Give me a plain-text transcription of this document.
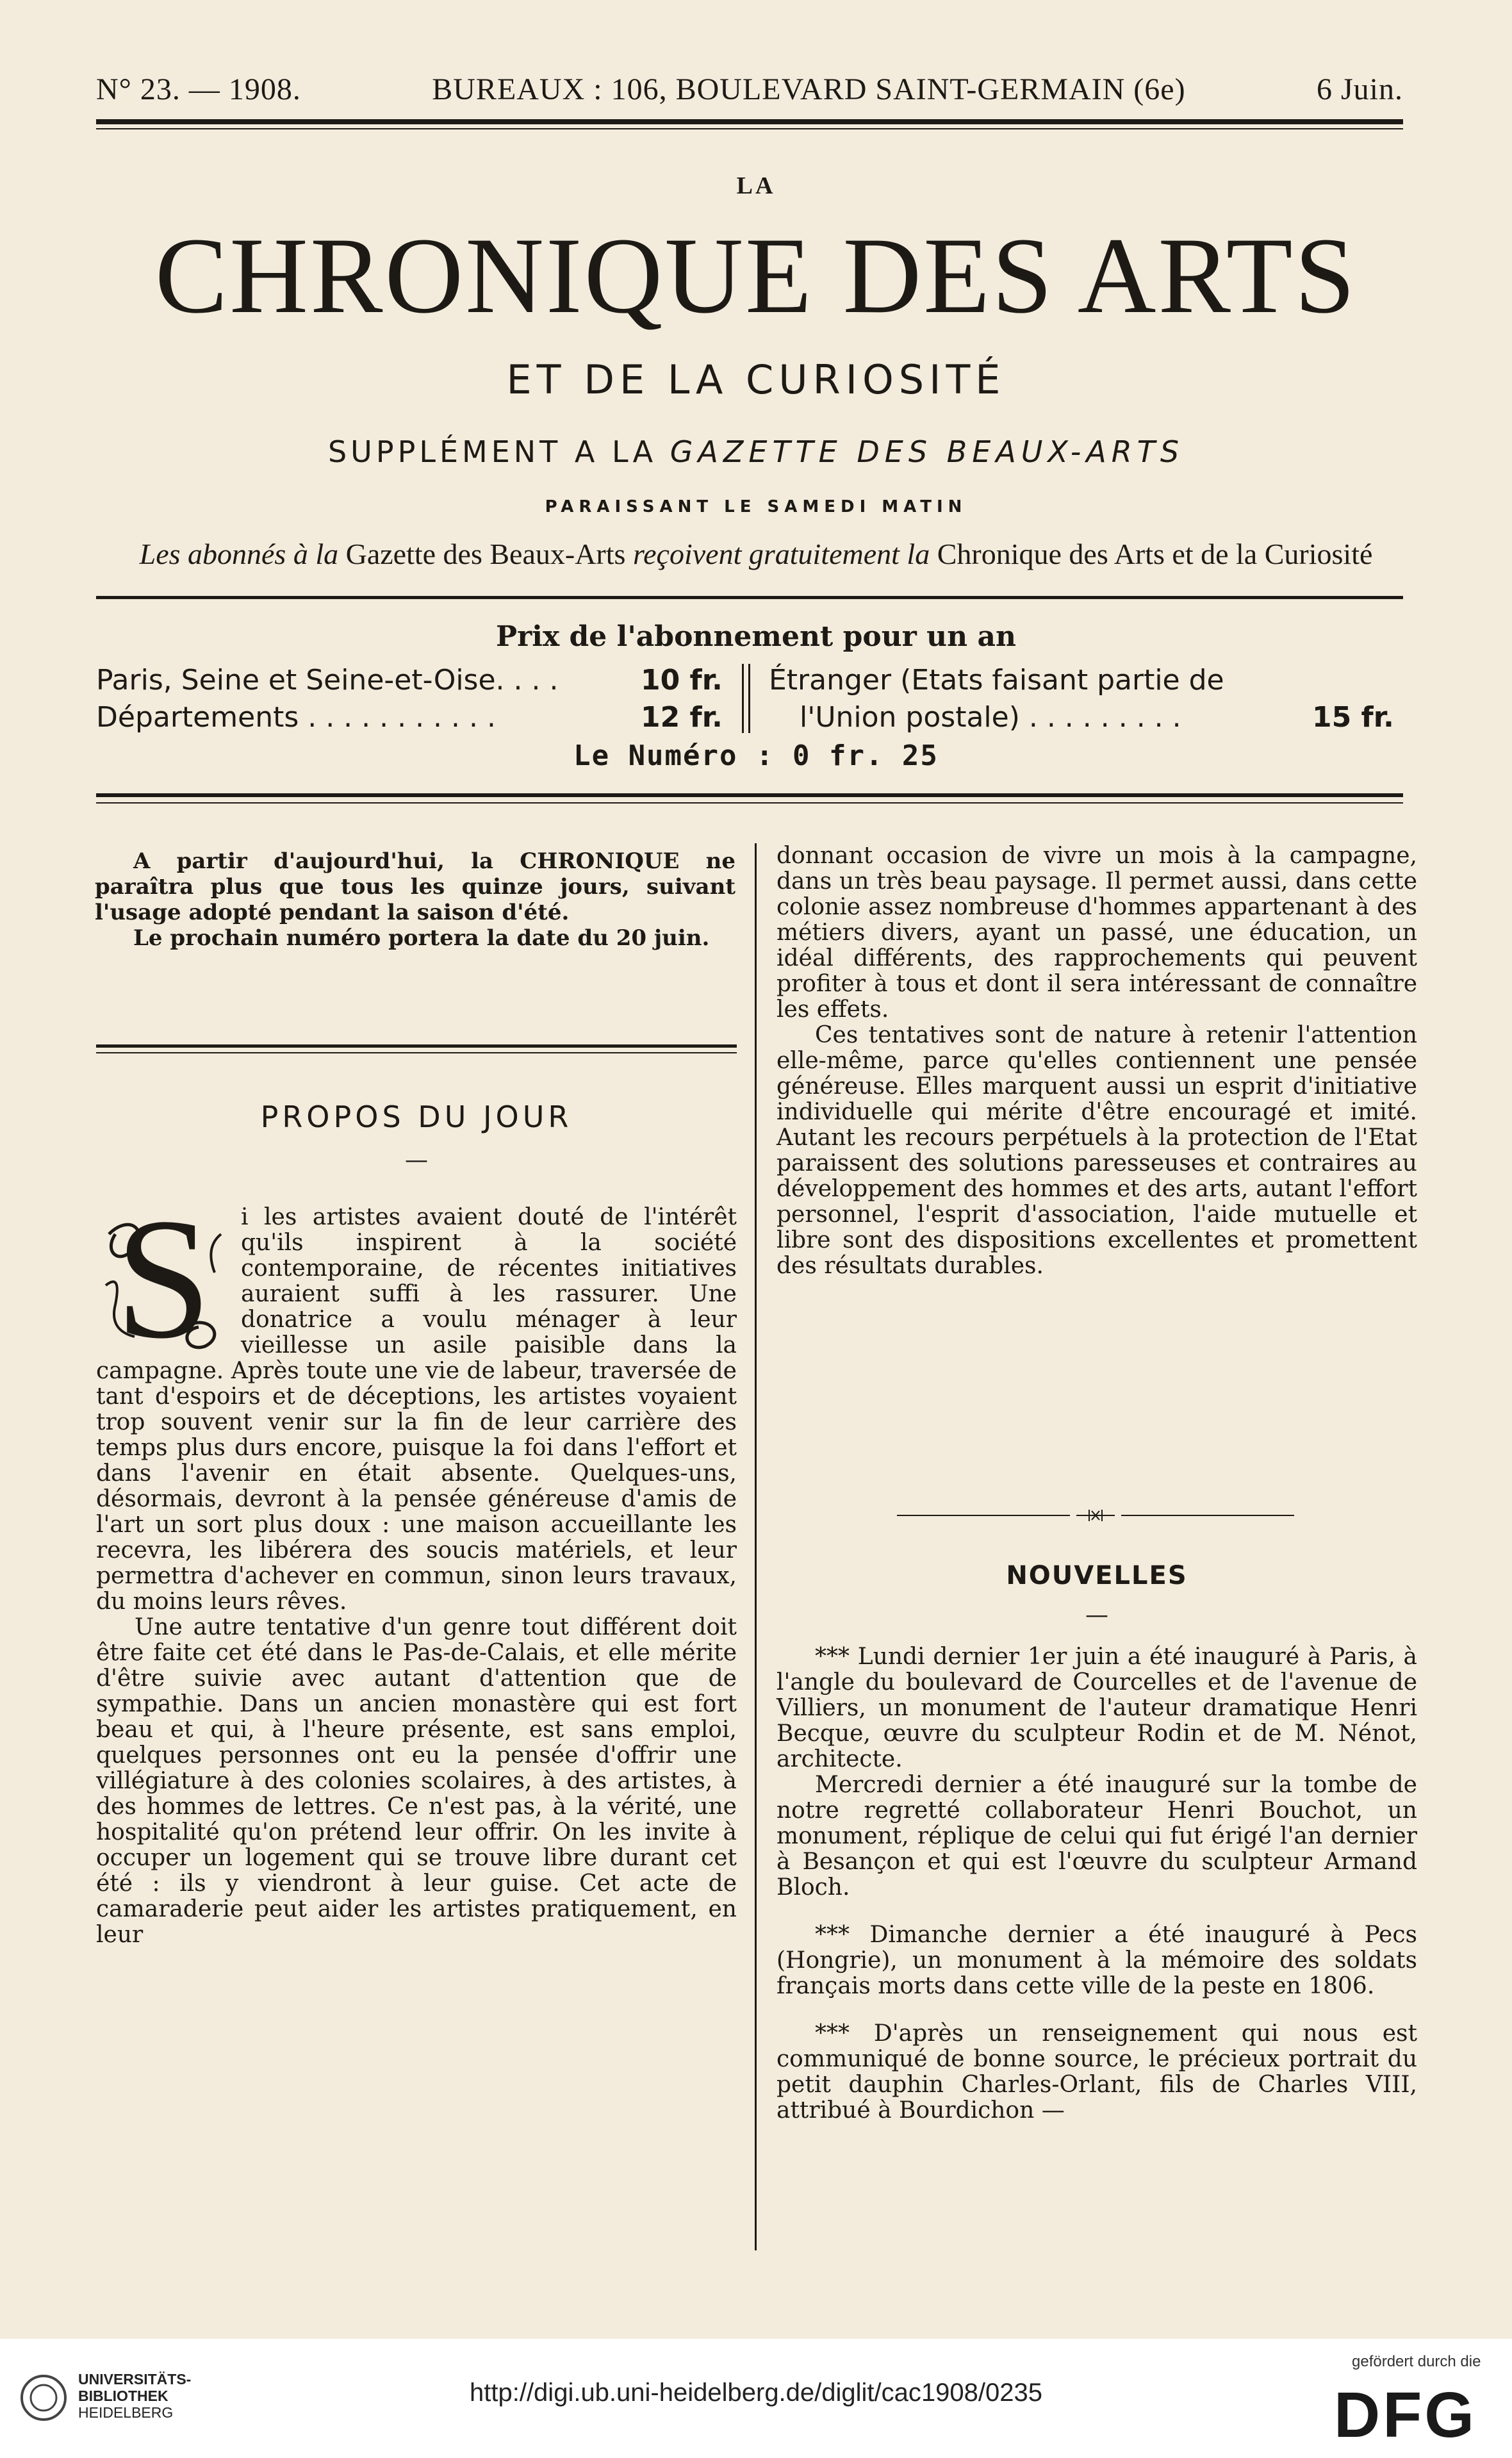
N° 23. — 1908.	BUREAUX : 106, BOULEVARD SAINT-GERMAIN (6e)	6 Juin.
LA
CHRONIQUE DES ARTS
ET DE LA CURIOSITÉ
SUPPLÉMENT A LA GAZETTE DES BEAUX-ARTS
PARAISSANT LE SAMEDI MATIN
Les abonnés à la Gazette des Beaux-Arts reçoivent gratuitement la Chronique des Arts et de la Curiosité
Prix de l'abonnement pour un an
Paris, Seine et Seine-et-Oise. . . .	10 fr.
Départements . . . . . . . . . . .	12 fr.
Étranger (Etats faisant partie de
l'Union postale) . . . . . . . . .	15 fr.
Le Numéro : 0 fr. 25

A partir d'aujourd'hui, la CHRONIQUE ne paraîtra plus que tous les quinze jours, suivant l'usage adopté pendant la saison d'été.

Le prochain numéro portera la date du 20 juin.

PROPOS DU JOUR
—
S	i les artistes avaient douté de l'intérêt qu'ils inspirent à la société contemporaine, de récentes initiatives auraient suffi à les rassurer. Une donatrice a voulu ménager à leur vieillesse un asile paisible dans la campagne. Après toute une vie de labeur, traversée de tant d'espoirs et de déceptions, les artistes voyaient trop souvent venir sur la fin de leur carrière des temps plus durs encore, puisque la foi dans l'effort et dans l'avenir en était absente. Quelques-uns, désormais, devront à la pensée généreuse d'amis de l'art un sort plus doux : une maison accueillante les recevra, les libérera des soucis matériels, et leur permettra d'achever en commun, sinon leurs travaux, du moins leurs rêves.

Une autre tentative d'un genre tout différent doit être faite cet été dans le Pas-de-Calais, et elle mérite d'être suivie avec autant d'attention que de sympathie. Dans un ancien monastère qui est fort beau et qui, à l'heure présente, est sans emploi, quelques personnes ont eu la pensée d'offrir une villégiature à des colonies scolaires, à des artistes, à des hommes de lettres. Ce n'est pas, à la vérité, une hospitalité qu'on prétend leur offrir. On les invite à occuper un logement qui se trouve libre durant cet été : ils y viendront à leur guise. Cet acte de camaraderie peut aider les artistes pratiquement, en leur

donnant occasion de vivre un mois à la campagne, dans un très beau paysage. Il permet aussi, dans cette colonie assez nombreuse d'hommes appartenant à des métiers divers, ayant un passé, une éducation, un idéal différents, des rapprochements qui peuvent profiter à tous et dont il sera intéressant de connaître les effets.

Ces tentatives sont de nature à retenir l'attention elle-même, parce qu'elles contiennent une pensée généreuse. Elles marquent aussi un esprit d'initiative individuelle qui mérite d'être encouragé et imité. Autant les recours perpétuels à la protection de l'Etat paraissent des solutions paresseuses et contraires au développement des hommes et des arts, autant l'effort personnel, l'esprit d'association, l'aide mutuelle et libre sont des dispositions excellentes et promettent des résultats durables.

NOUVELLES
—

*** Lundi dernier 1er juin a été inauguré à Paris, à l'angle du boulevard de Courcelles et de l'avenue de Villiers, un monument de l'auteur dramatique Henri Becque, œuvre du sculpteur Rodin et de M. Nénot, architecte.

Mercredi dernier a été inauguré sur la tombe de notre regretté collaborateur Henri Bouchot, un monument, réplique de celui qui fut érigé l'an dernier à Besançon et qui est l'œuvre du sculpteur Armand Bloch.

*** Dimanche dernier a été inauguré à Pecs (Hongrie), un monument à la mémoire des soldats français morts dans cette ville de la peste en 1806.

*** D'après un renseignement qui nous est communiqué de bonne source, le précieux portrait du petit dauphin Charles-Orlant, fils de Charles VIII, attribué à Bourdichon —

UNIVERSITÄTS-
BIBLIOTHEK
HEIDELBERG
http://digi.ub.uni-heidelberg.de/diglit/cac1908/0235
gefördert durch die
DFG
